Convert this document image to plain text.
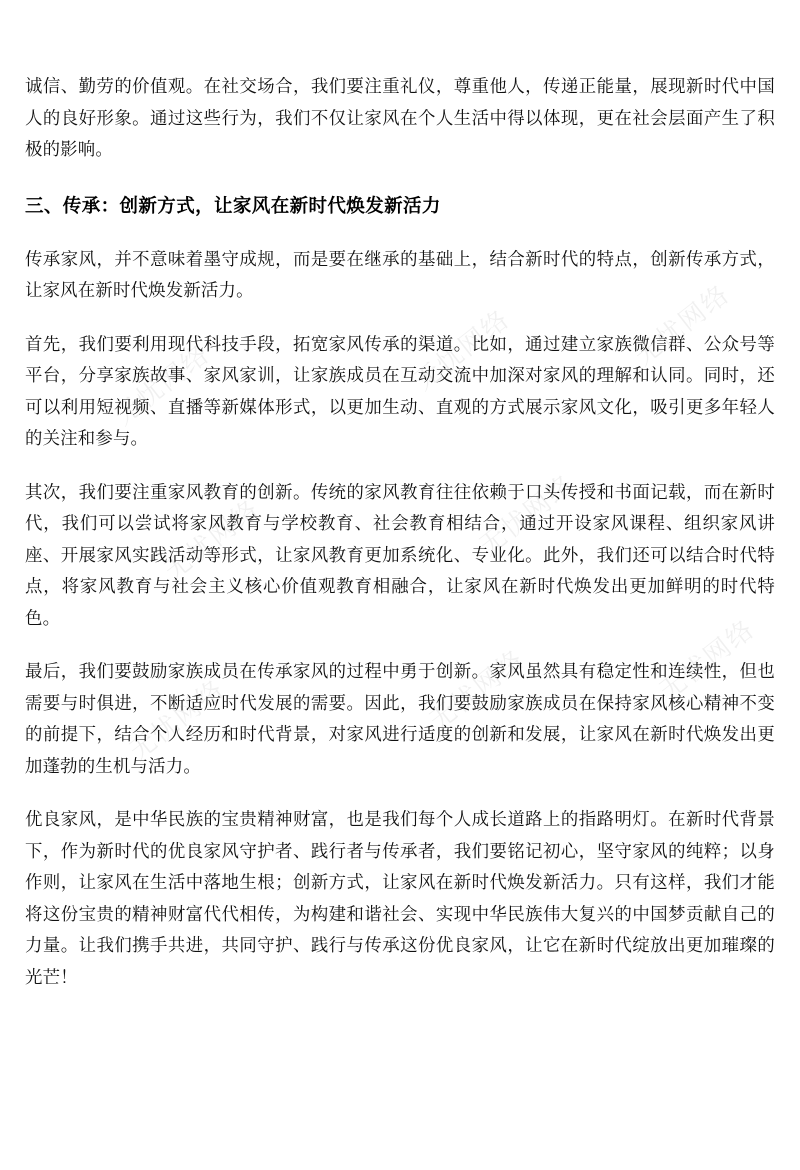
无忧网络	无忧网络	无忧网络
无忧网络	无忧网络
无忧网络	无忧网络	无忧网络

诚信、勤劳的价值观。在社交场合，我们要注重礼仪，尊重他人，传递正能量，展现新时代中国人的良好形象。通过这些行为，我们不仅让家风在个人生活中得以体现，更在社会层面产生了积极的影响。

三、传承：创新方式，让家风在新时代焕发新活力

传承家风，并不意味着墨守成规，而是要在继承的基础上，结合新时代的特点，创新传承方式，让家风在新时代焕发新活力。

首先，我们要利用现代科技手段，拓宽家风传承的渠道。比如，通过建立家族微信群、公众号等平台，分享家族故事、家风家训，让家族成员在互动交流中加深对家风的理解和认同。同时，还可以利用短视频、直播等新媒体形式，以更加生动、直观的方式展示家风文化，吸引更多年轻人的关注和参与。

其次，我们要注重家风教育的创新。传统的家风教育往往依赖于口头传授和书面记载，而在新时代，我们可以尝试将家风教育与学校教育、社会教育相结合，通过开设家风课程、组织家风讲座、开展家风实践活动等形式，让家风教育更加系统化、专业化。此外，我们还可以结合时代特点，将家风教育与社会主义核心价值观教育相融合，让家风在新时代焕发出更加鲜明的时代特色。

最后，我们要鼓励家族成员在传承家风的过程中勇于创新。家风虽然具有稳定性和连续性，但也需要与时俱进，不断适应时代发展的需要。因此，我们要鼓励家族成员在保持家风核心精神不变的前提下，结合个人经历和时代背景，对家风进行适度的创新和发展，让家风在新时代焕发出更加蓬勃的生机与活力。

优良家风，是中华民族的宝贵精神财富，也是我们每个人成长道路上的指路明灯。在新时代背景下，作为新时代的优良家风守护者、践行者与传承者，我们要铭记初心，坚守家风的纯粹；以身作则，让家风在生活中落地生根；创新方式，让家风在新时代焕发新活力。只有这样，我们才能将这份宝贵的精神财富代代相传，为构建和谐社会、实现中华民族伟大复兴的中国梦贡献自己的力量。让我们携手共进，共同守护、践行与传承这份优良家风，让它在新时代绽放出更加璀璨的光芒！
